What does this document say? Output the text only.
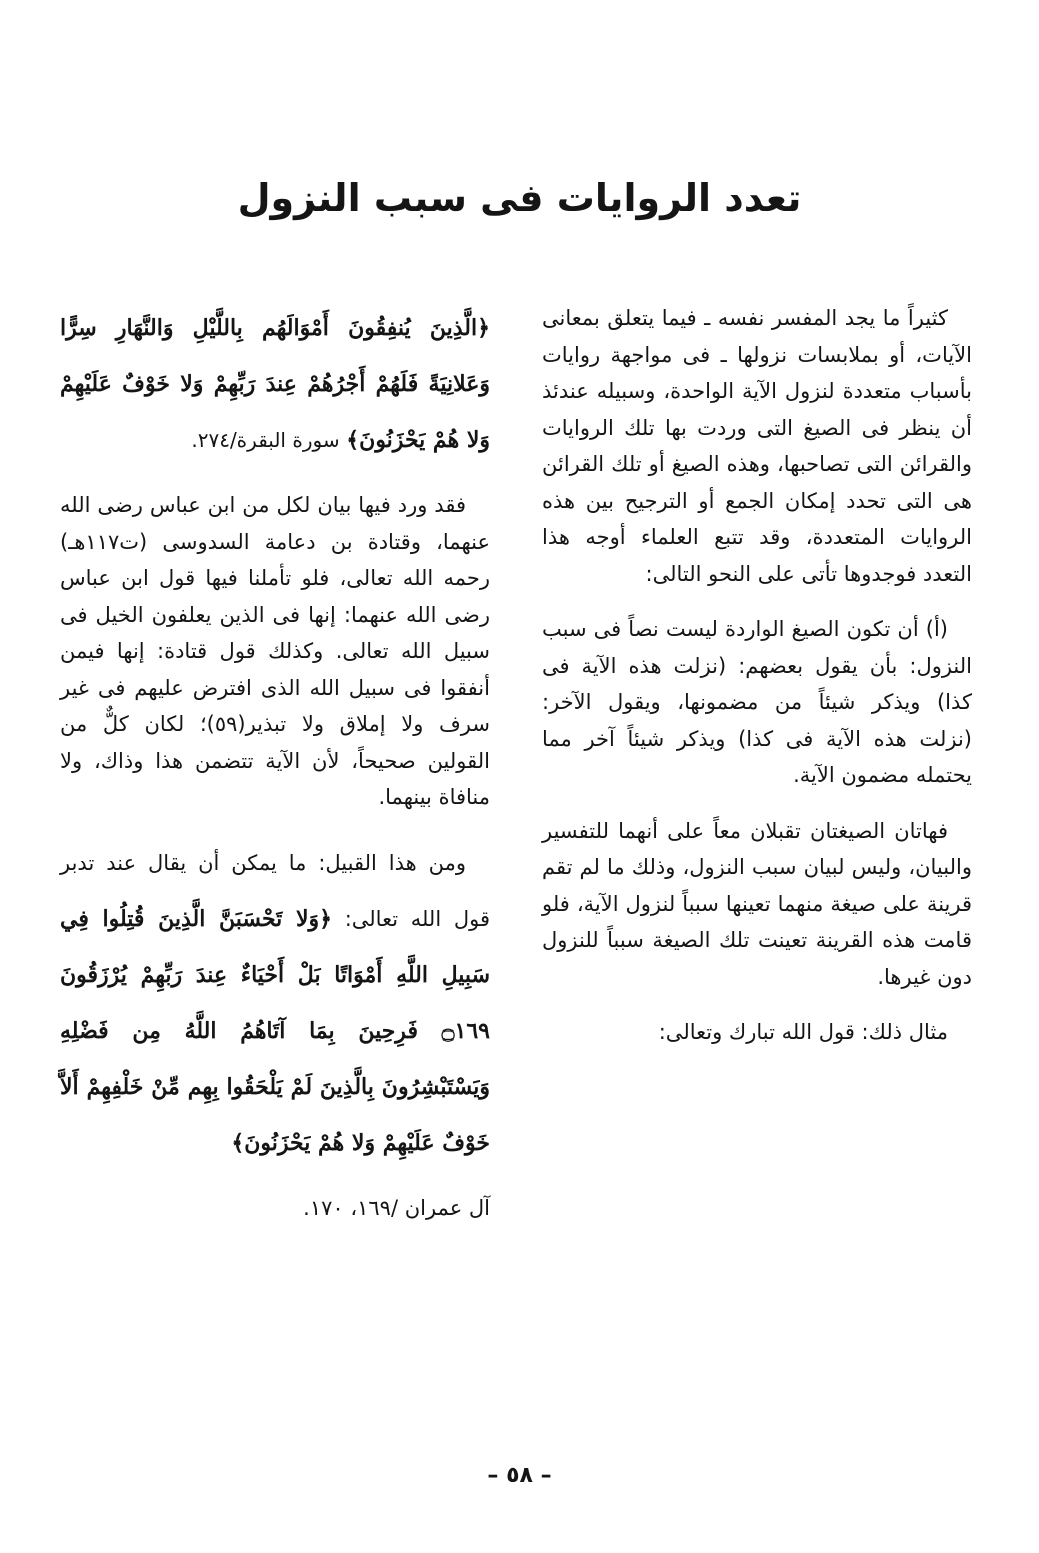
تعدد الروايات فى سبب النزول

كثيراً ما يجد المفسر نفسه ـ فيما يتعلق بمعانى الآيات، أو بملابسات نزولها ـ فى مواجهة روايات بأسباب متعددة لنزول الآية الواحدة، وسبيله عندئذ أن ينظر فى الصيغ التى وردت بها تلك الروايات والقرائن التى تصاحبها، وهذه الصيغ أو تلك القرائن هى التى تحدد إمكان الجمع أو الترجيح بين هذه الروايات المتعددة، وقد تتبع العلماء أوجه هذا التعدد فوجدوها تأتى على النحو التالى:

(أ) أن تكون الصيغ الواردة ليست نصاً فى سبب النزول: بأن يقول بعضهم: (نزلت هذه الآية فى كذا) ويذكر شيئاً من مضمونها، ويقول الآخر: (نزلت هذه الآية فى كذا) ويذكر شيئاً آخر مما يحتمله مضمون الآية.

فهاتان الصيغتان تقبلان معاً على أنهما للتفسير والبيان، وليس لبيان سبب النزول، وذلك ما لم تقم قرينة على صيغة منهما تعينها سبباً لنزول الآية، فلو قامت هذه القرينة تعينت تلك الصيغة سبباً للنزول دون غيرها.

مثال ذلك: قول الله تبارك وتعالى:

﴿الَّذِينَ يُنفِقُونَ أَمْوَالَهُم بِاللَّيْلِ وَالنَّهَارِ سِرًّا وَعَلانِيَةً فَلَهُمْ أَجْرُهُمْ عِندَ رَبِّهِمْ وَلا خَوْفٌ عَلَيْهِمْ وَلا هُمْ يَحْزَنُونَ﴾ سورة البقرة/٢٧٤.

فقد ورد فيها بيان لكل من ابن عباس رضى الله عنهما، وقتادة بن دعامة السدوسى (ت١١٧هـ) رحمه الله تعالى، فلو تأملنا فيها قول ابن عباس رضى الله عنهما: إنها فى الذين يعلفون الخيل فى سبيل الله تعالى. وكذلك قول قتادة: إنها فيمن أنفقوا فى سبيل الله الذى افترض عليهم فى غير سرف ولا إملاق ولا تبذير(٥٩)؛ لكان كلٌّ من القولين صحيحاً، لأن الآية تتضمن هذا وذاك، ولا منافاة بينهما.

ومن هذا القبيل: ما يمكن أن يقال عند تدبر قول الله تعالى: ﴿وَلا تَحْسَبَنَّ الَّذِينَ قُتِلُوا فِي سَبِيلِ اللَّهِ أَمْوَاتًا بَلْ أَحْيَاءٌ عِندَ رَبِّهِمْ يُرْزَقُونَ ۝١٦٩ فَرِحِينَ بِمَا آتَاهُمُ اللَّهُ مِن فَضْلِهِ وَيَسْتَبْشِرُونَ بِالَّذِينَ لَمْ يَلْحَقُوا بِهِم مِّنْ خَلْفِهِمْ أَلاَّ خَوْفٌ عَلَيْهِمْ وَلا هُمْ يَحْزَنُونَ﴾

آل عمران /١٦٩، ١٧٠.

– ٥٨ –
